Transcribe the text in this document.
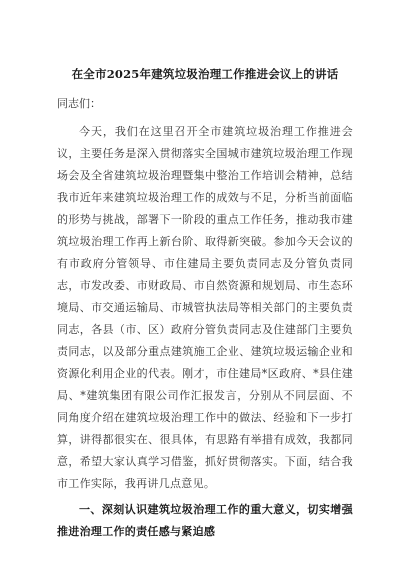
在全市2025年建筑垃圾治理工作推进会议上的讲话

同志们：

今天，我们在这里召开全市建筑垃圾治理工作推进会议，主要任务是深入贯彻落实全国城市建筑垃圾治理工作现场会及全省建筑垃圾治理暨集中整治工作培训会精神，总结我市近年来建筑垃圾治理工作的成效与不足，分析当前面临的形势与挑战，部署下一阶段的重点工作任务，推动我市建筑垃圾治理工作再上新台阶、取得新突破。参加今天会议的有市政府分管领导、市住建局主要负责同志及分管负责同志，市发改委、市财政局、市自然资源和规划局、市生态环境局、市交通运输局、市城管执法局等相关部门的主要负责同志，各县（市、区）政府分管负责同志及住建部门主要负责同志，以及部分重点建筑施工企业、建筑垃圾运输企业和资源化利用企业的代表。刚才，市住建局*区政府、*县住建局、*建筑集团有限公司作汇报发言，分别从不同层面、不同角度介绍在建筑垃圾治理工作中的做法、经验和下一步打算，讲得都很实在、很具体，有思路有举措有成效，我都同意，希望大家认真学习借鉴，抓好贯彻落实。下面，结合我市工作实际，我再讲几点意见。

一、深刻认识建筑垃圾治理工作的重大意义，切实增强推进治理工作的责任感与紧迫感
